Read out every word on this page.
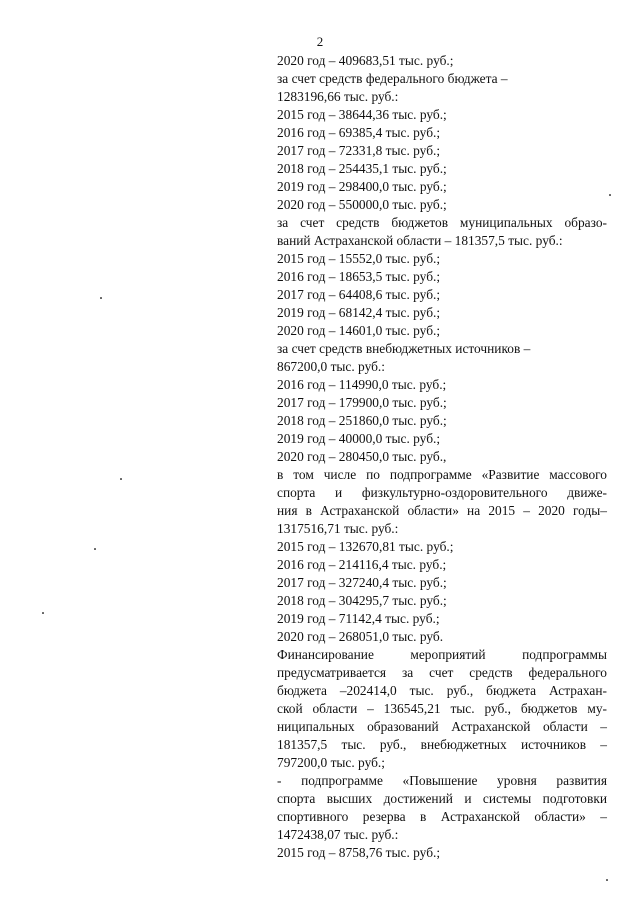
2
2020 год – 409683,51 тыс. руб.;
за счет средств федерального бюджета –
1283196,66 тыс. руб.:
2015 год – 38644,36 тыс. руб.;
2016 год – 69385,4 тыс. руб.;
2017 год – 72331,8 тыс. руб.;
2018 год – 254435,1 тыс. руб.;
2019 год – 298400,0 тыс. руб.;
2020 год – 550000,0 тыс. руб.;
за счет средств бюджетов муниципальных образо-
ваний Астраханской области – 181357,5 тыс. руб.:
2015 год – 15552,0 тыс. руб.;
2016 год – 18653,5 тыс. руб.;
2017 год – 64408,6 тыс. руб.;
2019 год – 68142,4 тыс. руб.;
2020 год – 14601,0 тыс. руб.;
за счет средств внебюджетных источников –
867200,0 тыс. руб.:
2016 год – 114990,0 тыс. руб.;
2017 год – 179900,0 тыс. руб.;
2018 год – 251860,0 тыс. руб.;
2019 год – 40000,0 тыс. руб.;
2020 год – 280450,0 тыс. руб.,
в том числе по подпрограмме «Развитие массового
спорта и физкультурно-оздоровительного движе-
ния в Астраханской области» на 2015 – 2020 годы–
1317516,71 тыс. руб.:
2015 год – 132670,81 тыс. руб.;
2016 год – 214116,4 тыс. руб.;
2017 год – 327240,4 тыс. руб.;
2018 год – 304295,7 тыс. руб.;
2019 год – 71142,4 тыс. руб.;
2020 год – 268051,0 тыс. руб.
Финансирование мероприятий подпрограммы
предусматривается за счет средств федерального
бюджета –202414,0 тыс. руб., бюджета Астрахан-
ской области – 136545,21 тыс. руб., бюджетов му-
ниципальных образований Астраханской области –
181357,5 тыс. руб., внебюджетных источников –
797200,0 тыс. руб.;
- подпрограмме «Повышение уровня развития
спорта высших достижений и системы подготовки
спортивного резерва в Астраханской области» –
1472438,07 тыс. руб.:
2015 год – 8758,76 тыс. руб.;
